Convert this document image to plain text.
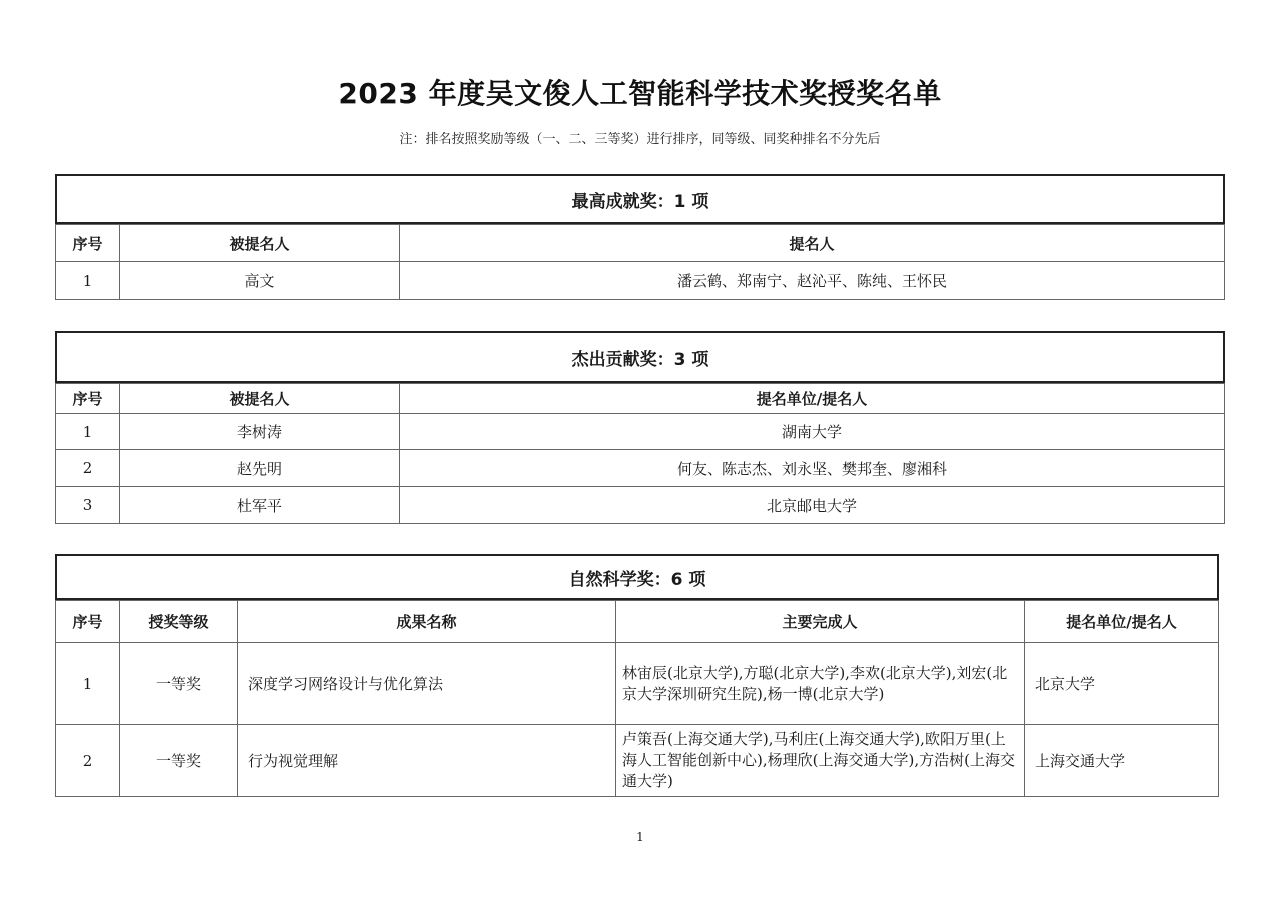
2023 年度吴文俊人工智能科学技术奖授奖名单
注：排名按照奖励等级（一、二、三等奖）进行排序，同等级、同奖种排名不分先后
最高成就奖：1 项
序号	被提名人	提名人
1	高文	潘云鹤、郑南宁、赵沁平、陈纯、王怀民
杰出贡献奖：3 项
序号	被提名人	提名单位/提名人
1	李树涛	湖南大学
2	赵先明	何友、陈志杰、刘永坚、樊邦奎、廖湘科
3	杜军平	北京邮电大学
自然科学奖：6 项
序号	授奖等级	成果名称	主要完成人	提名单位/提名人
1	一等奖	深度学习网络设计与优化算法	林宙辰(北京大学),方聪(北京大学),李欢(北京大学),刘宏(北京大学深圳研究生院),杨一博(北京大学)	北京大学
2	一等奖	行为视觉理解	卢策吾(上海交通大学),马利庄(上海交通大学),欧阳万里(上海人工智能创新中心),杨理欣(上海交通大学),方浩树(上海交通大学)	上海交通大学
1
